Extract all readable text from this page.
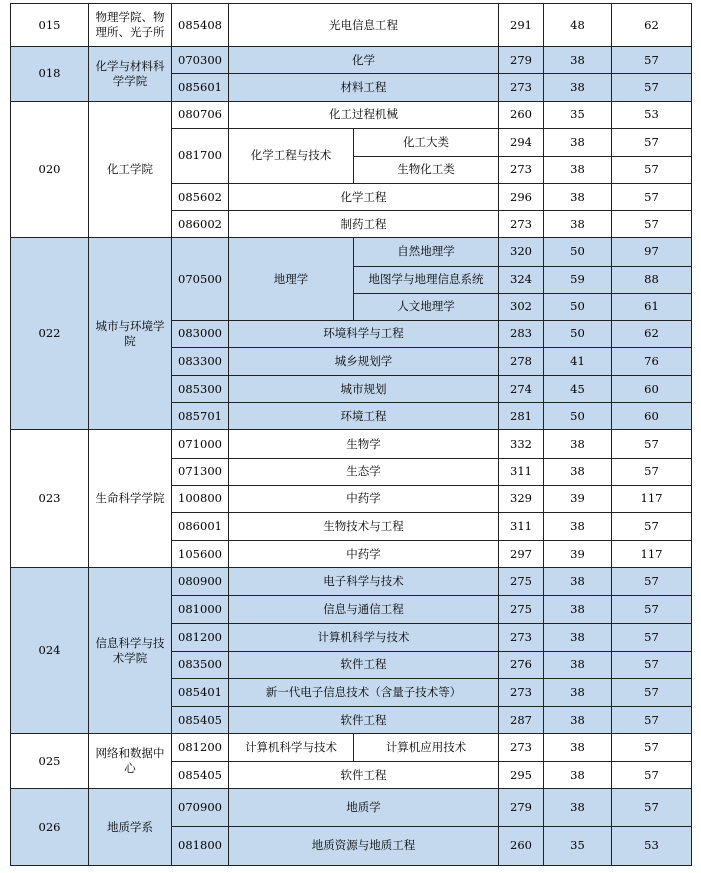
015	物理学院、物理所、光子所	085408	光电信息工程		291	48	62
018	化学与材料科学学院	070300	化学		279	38	57
		085601	材料工程		273	38	57
020	化工学院	080706	化工过程机械		260	35	53
		081700	化学工程与技术	化工大类	294	38	57
				生物化工类	273	38	57
		085602	化学工程		296	38	57
		086002	制药工程		273	38	57
022	城市与环境学院	070500	地理学	自然地理学	320	50	97
				地图学与地理信息系统	324	59	88
				人文地理学	302	50	61
		083000	环境科学与工程		283	50	62
		083300	城乡规划学		278	41	76
		085300	城市规划		274	45	60
		085701	环境工程		281	50	60
023	生命科学学院	071000	生物学		332	38	57
		071300	生态学		311	38	57
		100800	中药学		329	39	117
		086001	生物技术与工程		311	38	57
		105600	中药学		297	39	117
024	信息科学与技术学院	080900	电子科学与技术		275	38	57
		081000	信息与通信工程		275	38	57
		081200	计算机科学与技术		273	38	57
		083500	软件工程		276	38	57
		085401	新一代电子信息技术（含量子技术等）		273	38	57
		085405	软件工程		287	38	57
025	网络和数据中心	081200	计算机科学与技术	计算机应用技术	273	38	57
		085405	软件工程		295	38	57
026	地质学系	070900	地质学		279	38	57
		081800	地质资源与地质工程		260	35	53
